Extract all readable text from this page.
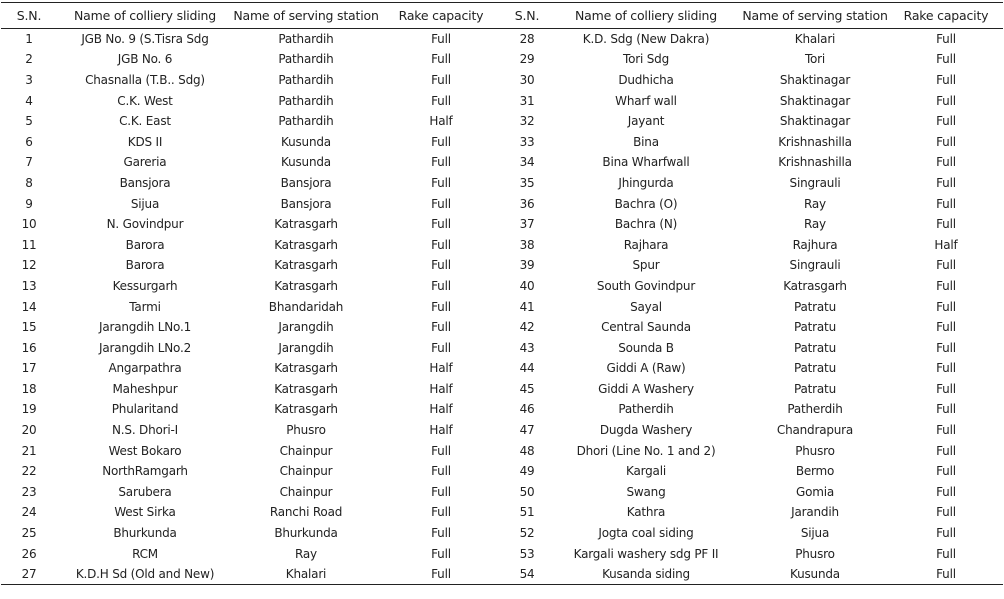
S.N.	Name of colliery sliding	Name of serving station	Rake capacity	S.N.	Name of colliery sliding	Name of serving station	Rake capacity
1	JGB No. 9 (S.Tisra Sdg	Pathardih	Full	28	K.D. Sdg (New Dakra)	Khalari	Full
2	JGB No. 6	Pathardih	Full	29	Tori Sdg	Tori	Full
3	Chasnalla (T.B.. Sdg)	Pathardih	Full	30	Dudhicha	Shaktinagar	Full
4	C.K. West	Pathardih	Full	31	Wharf wall	Shaktinagar	Full
5	C.K. East	Pathardih	Half	32	Jayant	Shaktinagar	Full
6	KDS II	Kusunda	Full	33	Bina	Krishnashilla	Full
7	Gareria	Kusunda	Full	34	Bina Wharfwall	Krishnashilla	Full
8	Bansjora	Bansjora	Full	35	Jhingurda	Singrauli	Full
9	Sijua	Bansjora	Full	36	Bachra (O)	Ray	Full
10	N. Govindpur	Katrasgarh	Full	37	Bachra (N)	Ray	Full
11	Barora	Katrasgarh	Full	38	Rajhara	Rajhura	Half
12	Barora	Katrasgarh	Full	39	Spur	Singrauli	Full
13	Kessurgarh	Katrasgarh	Full	40	South Govindpur	Katrasgarh	Full
14	Tarmi	Bhandaridah	Full	41	Sayal	Patratu	Full
15	Jarangdih LNo.1	Jarangdih	Full	42	Central Saunda	Patratu	Full
16	Jarangdih LNo.2	Jarangdih	Full	43	Sounda B	Patratu	Full
17	Angarpathra	Katrasgarh	Half	44	Giddi A (Raw)	Patratu	Full
18	Maheshpur	Katrasgarh	Half	45	Giddi A Washery	Patratu	Full
19	Phularitand	Katrasgarh	Half	46	Patherdih	Patherdih	Full
20	N.S. Dhori-I	Phusro	Half	47	Dugda Washery	Chandrapura	Full
21	West Bokaro	Chainpur	Full	48	Dhori (Line No. 1 and 2)	Phusro	Full
22	NorthRamgarh	Chainpur	Full	49	Kargali	Bermo	Full
23	Sarubera	Chainpur	Full	50	Swang	Gomia	Full
24	West Sirka	Ranchi Road	Full	51	Kathra	Jarandih	Full
25	Bhurkunda	Bhurkunda	Full	52	Jogta coal siding	Sijua	Full
26	RCM	Ray	Full	53	Kargali washery sdg PF II	Phusro	Full
27	K.D.H Sd (Old and New)	Khalari	Full	54	Kusanda siding	Kusunda	Full
